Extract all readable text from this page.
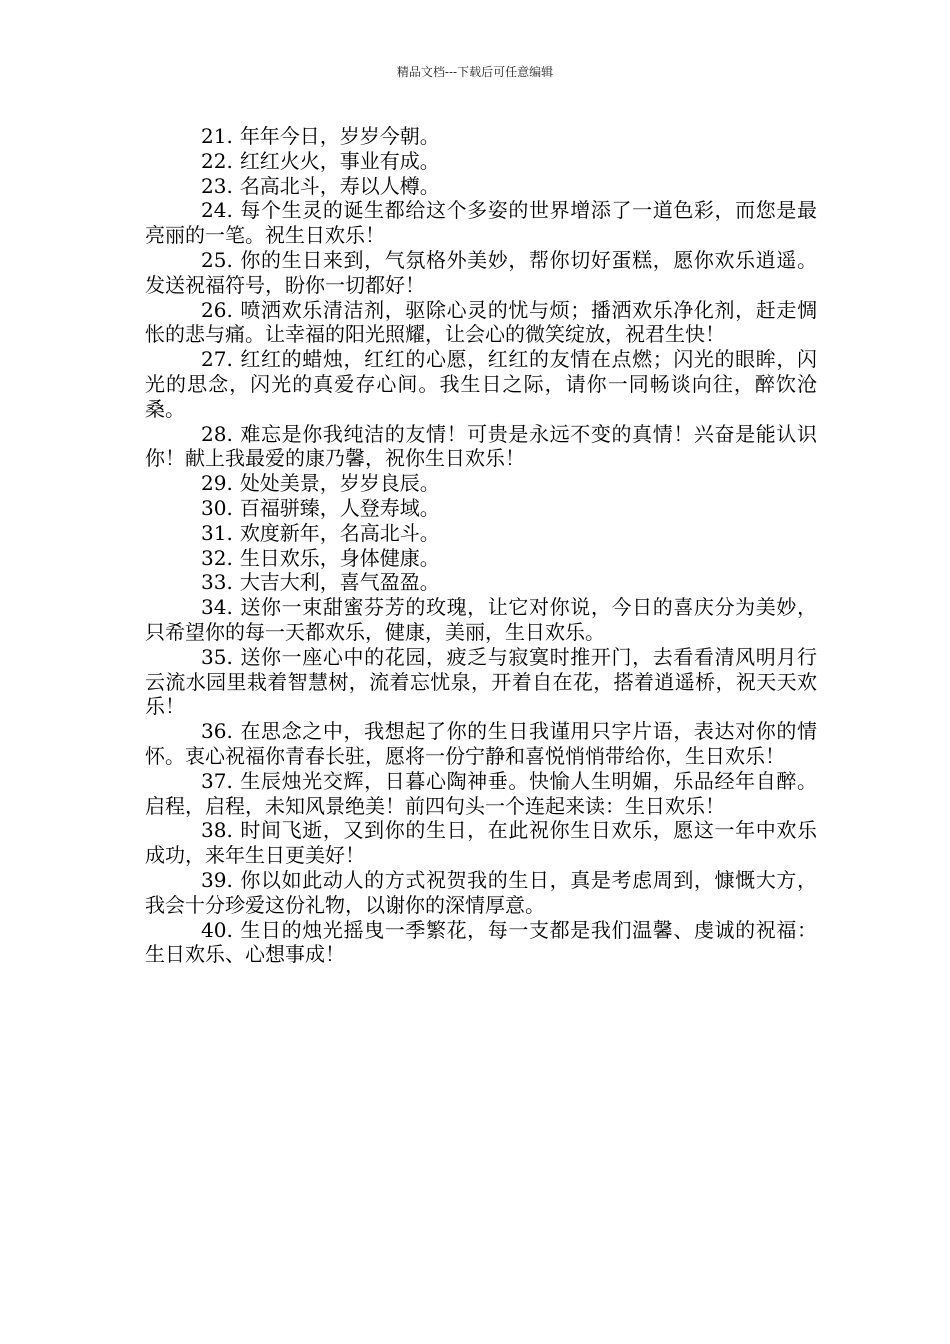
精品文档---下载后可任意编辑

21. 年年今日，岁岁今朝。

22. 红红火火，事业有成。

23. 名高北斗，寿以人樽。

24. 每个生灵的诞生都给这个多姿的世界增添了一道色彩，而您是最亮丽的一笔。祝生日欢乐！

25. 你的生日来到，气氛格外美妙，帮你切好蛋糕，愿你欢乐逍遥。发送祝福符号，盼你一切都好！

26. 喷洒欢乐清洁剂，驱除心灵的忧与烦；播洒欢乐净化剂，赶走惆怅的悲与痛。让幸福的阳光照耀，让会心的微笑绽放，祝君生快！

27. 红红的蜡烛，红红的心愿，红红的友情在点燃；闪光的眼眸，闪光的思念，闪光的真爱存心间。我生日之际，请你一同畅谈向往，醉饮沧桑。

28. 难忘是你我纯洁的友情！可贵是永远不变的真情！兴奋是能认识你！献上我最爱的康乃馨，祝你生日欢乐！

29. 处处美景，岁岁良辰。

30. 百福骈臻，人登寿域。

31. 欢度新年，名高北斗。

32. 生日欢乐，身体健康。

33. 大吉大利，喜气盈盈。

34. 送你一束甜蜜芬芳的玫瑰，让它对你说，今日的喜庆分为美妙，只希望你的每一天都欢乐，健康，美丽，生日欢乐。

35. 送你一座心中的花园，疲乏与寂寞时推开门，去看看清风明月行云流水园里栽着智慧树，流着忘忧泉，开着自在花，搭着逍遥桥，祝天天欢乐！

36. 在思念之中，我想起了你的生日我谨用只字片语，表达对你的情怀。衷心祝福你青春长驻，愿将一份宁静和喜悦悄悄带给你，生日欢乐！

37. 生辰烛光交辉，日暮心陶神垂。快愉人生明媚，乐品经年自醉。启程，启程，未知风景绝美！前四句头一个连起来读：生日欢乐！

38. 时间飞逝，又到你的生日，在此祝你生日欢乐，愿这一年中欢乐成功，来年生日更美好！

39. 你以如此动人的方式祝贺我的生日，真是考虑周到，慷慨大方，我会十分珍爱这份礼物，以谢你的深情厚意。

40. 生日的烛光摇曳一季繁花，每一支都是我们温馨、虔诚的祝福：生日欢乐、心想事成！
